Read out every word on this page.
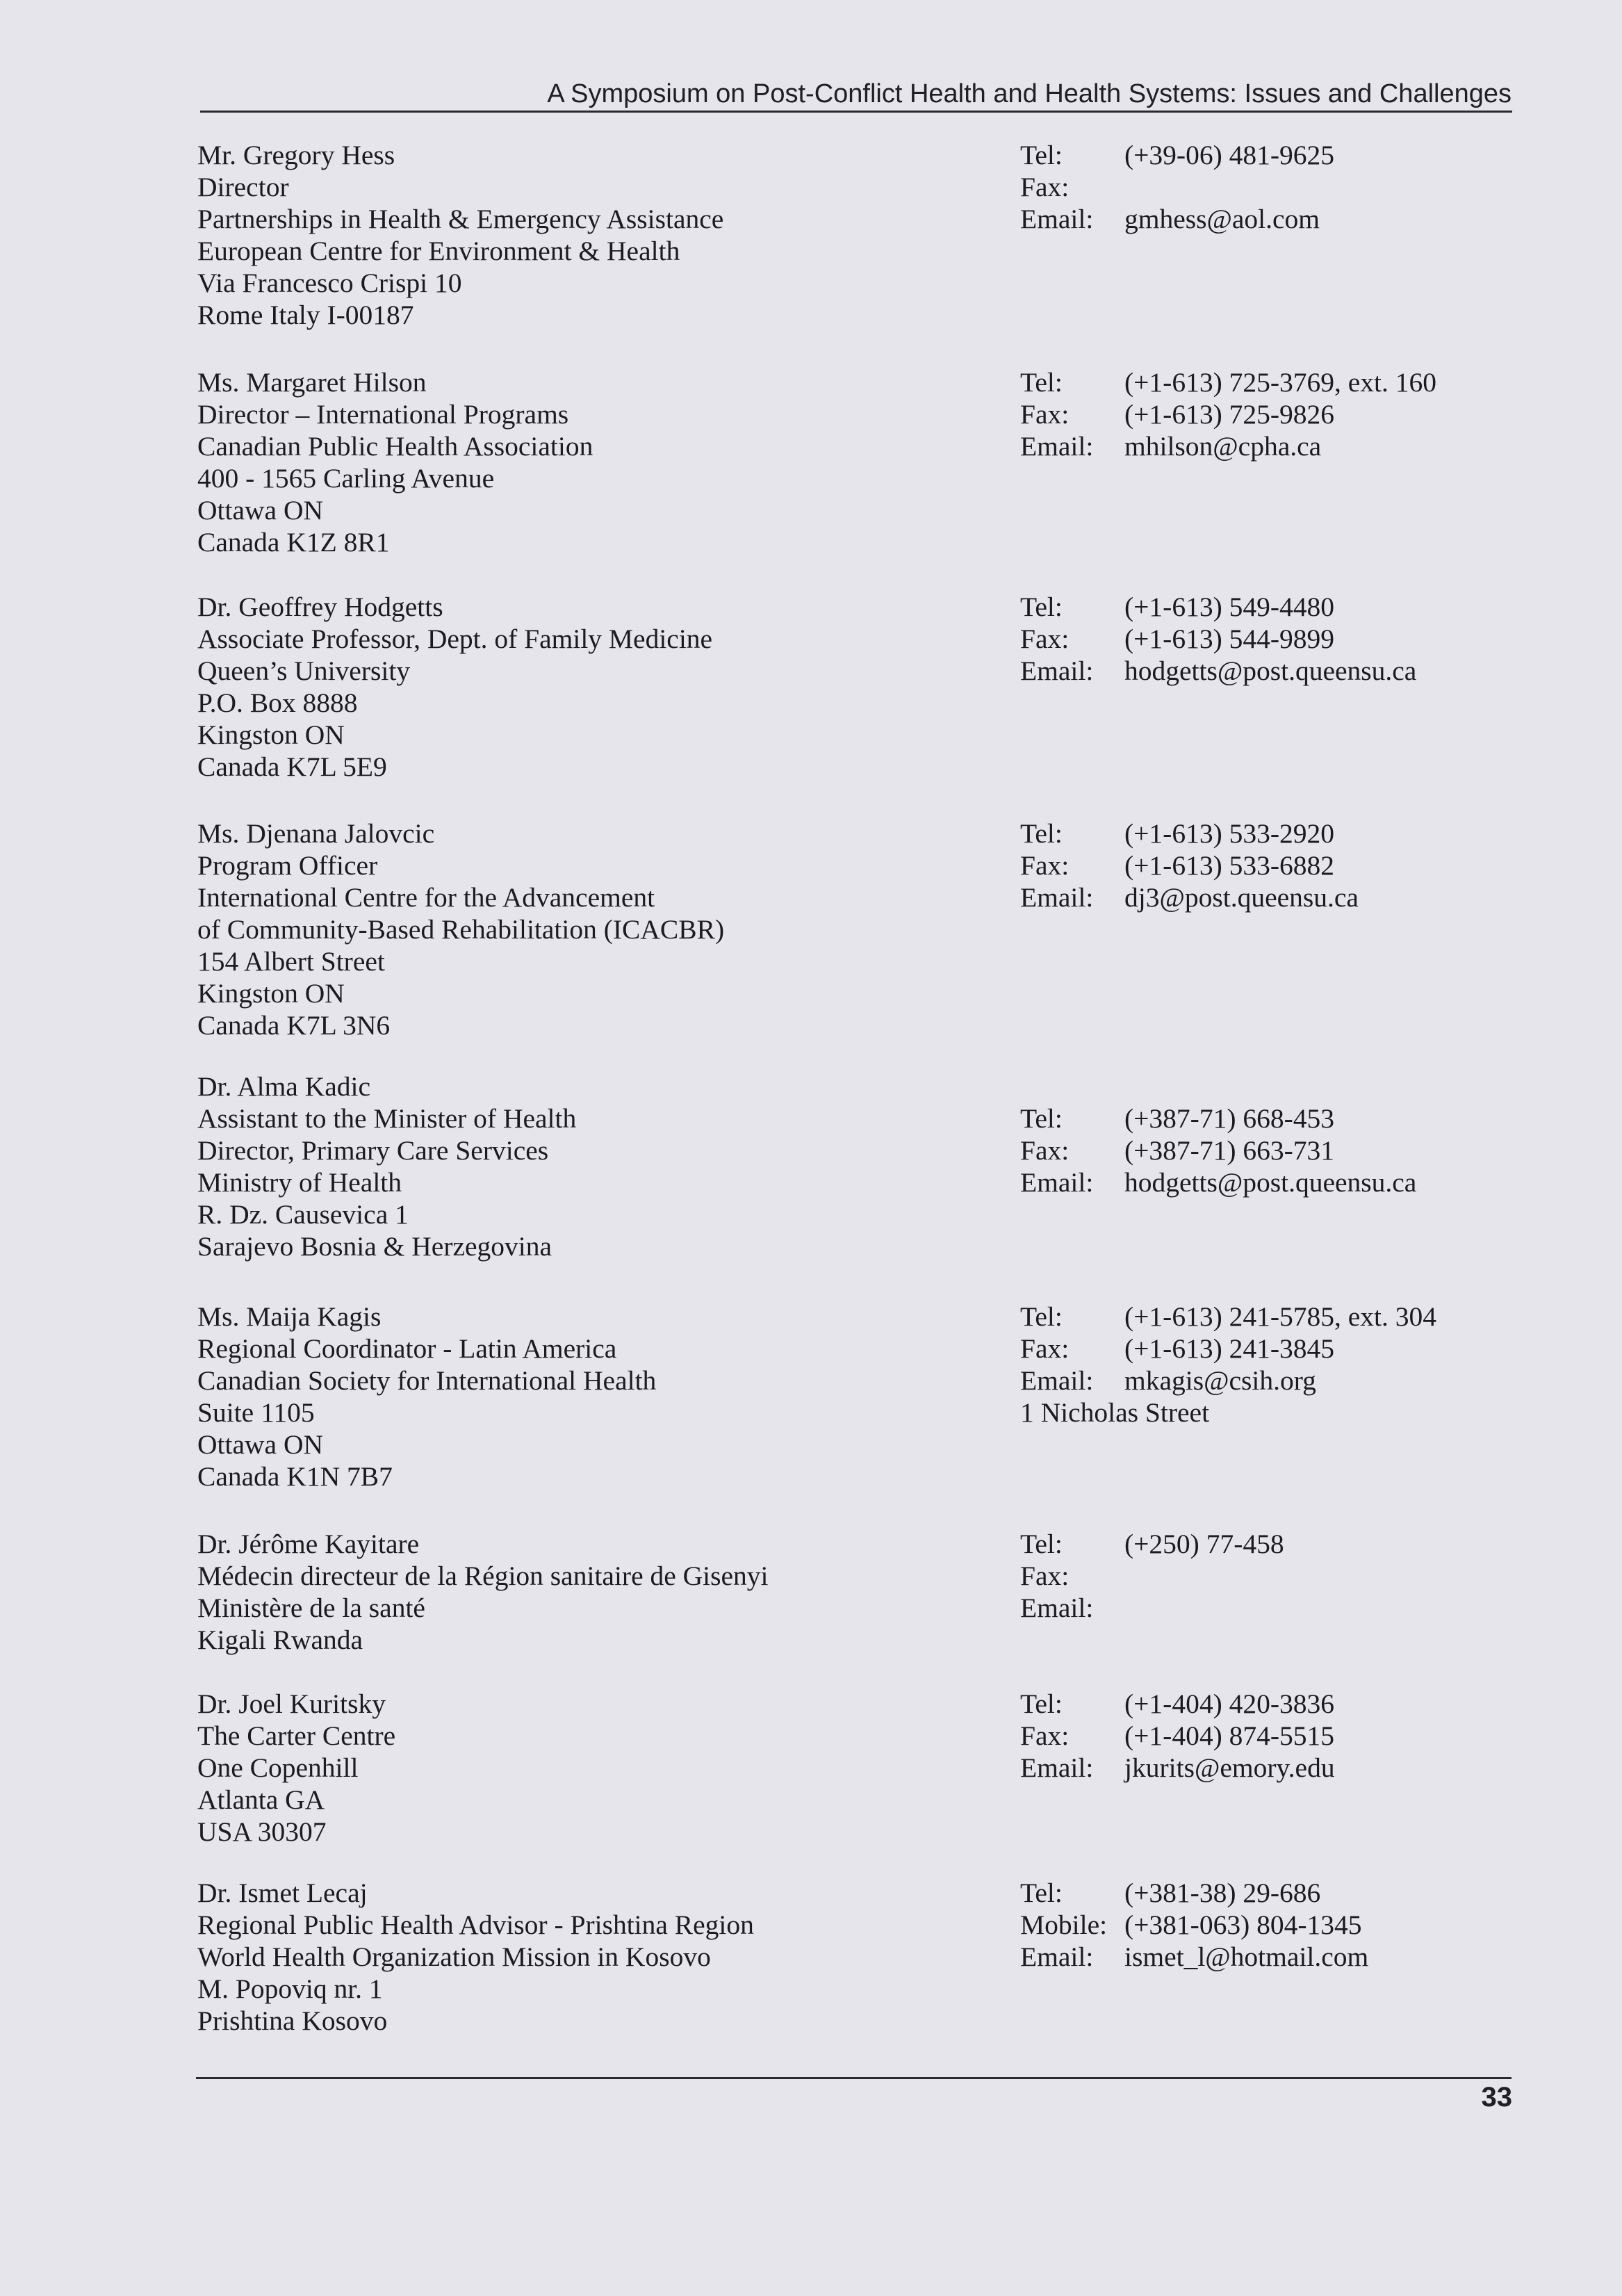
A Symposium on Post-Conflict Health and Health Systems: Issues and Challenges
Mr. Gregory Hess
Director
Partnerships in Health & Emergency Assistance
European Centre for Environment & Health
Via Francesco Crispi 10
Rome Italy I-00187
Tel: (+39-06) 481-9625
Fax:
Email: gmhess@aol.com
Ms. Margaret Hilson
Director – International Programs
Canadian Public Health Association
400 - 1565 Carling Avenue
Ottawa ON
Canada K1Z 8R1
Tel: (+1-613) 725-3769, ext. 160
Fax: (+1-613) 725-9826
Email: mhilson@cpha.ca
Dr. Geoffrey Hodgetts
Associate Professor, Dept. of Family Medicine
Queen’s University
P.O. Box 8888
Kingston ON
Canada K7L 5E9
Tel: (+1-613) 549-4480
Fax: (+1-613) 544-9899
Email: hodgetts@post.queensu.ca
Ms. Djenana Jalovcic
Program Officer
International Centre for the Advancement
of Community-Based Rehabilitation (ICACBR)
154 Albert Street
Kingston ON
Canada K7L 3N6
Tel: (+1-613) 533-2920
Fax: (+1-613) 533-6882
Email: dj3@post.queensu.ca
Dr. Alma Kadic
Assistant to the Minister of Health
Director, Primary Care Services
Ministry of Health
R. Dz. Causevica 1
Sarajevo Bosnia & Herzegovina
Tel: (+387-71) 668-453
Fax: (+387-71) 663-731
Email: hodgetts@post.queensu.ca
Ms. Maija Kagis
Regional Coordinator - Latin America
Canadian Society for International Health
Suite 1105
Ottawa ON
Canada K1N 7B7
Tel: (+1-613) 241-5785, ext. 304
Fax: (+1-613) 241-3845
Email: mkagis@csih.org
1 Nicholas Street
Dr. Jérôme Kayitare
Médecin directeur de la Région sanitaire de Gisenyi
Ministère de la santé
Kigali Rwanda
Tel: (+250) 77-458
Fax:
Email:
Dr. Joel Kuritsky
The Carter Centre
One Copenhill
Atlanta GA
USA 30307
Tel: (+1-404) 420-3836
Fax: (+1-404) 874-5515
Email: jkurits@emory.edu
Dr. Ismet Lecaj
Regional Public Health Advisor - Prishtina Region
World Health Organization Mission in Kosovo
M. Popoviq nr. 1
Prishtina Kosovo
Tel: (+381-38) 29-686
Mobile: (+381-063) 804-1345
Email: ismet_l@hotmail.com
33
